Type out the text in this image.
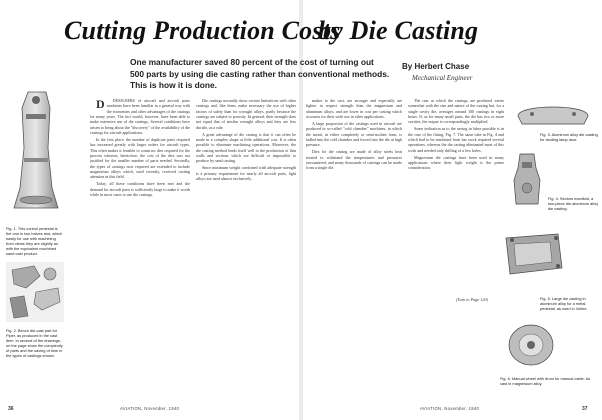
Cutting Production Costs
by Die Casting
One manufacturer saved 80 percent of the cost of turning out 500 parts by using die casting rather than conventional methods. This is how it is done.
By Herbert Chase
Mechanical Engineer
Fig. 1. This control pedestal is the one in two halves and, which easily for use with machining from views they are slightly as with the equivalent machined sand cast product.
Fig. 2. Bench die-cast part for Piper, as produced in the cast item. In several of the drawings, on the page show the complexity of parts and the saving of time in the types of castings shown.

D DESIGNERS of aircraft and aircraft parts machines have been familiar in a general way with the economies and other advantages of die castings for many years. The fact would, however, have been able to make extensive use of die castings. Several conditions have arisen to bring about the "discovery" of the availability of die castings for aircraft applications.

In the first place, the number of duplicate parts required has increased greatly with larger orders for aircraft types. This often makes it feasible to construct dies required for the process whereas, heretofore, the cost of the dies was not justified for the smaller number of parts needed. Secondly, the types of castings now required are extended to include magnesium alloys which, until recently, received casting attention in this field.

Today, all these conditions have been met and the demand for aircraft parts is sufficiently large to make it worth while in most cases to use die castings.

Die castings normally show certain limitations with other castings and, like them, make necessary the use of higher factors of safety than for wrought alloys, partly because the castings are subject to porosity. In general, their strength does not equal that of similar wrought alloys and they are less ductile, as a rule.

A great advantage of die casting is that it can often be made in a complex shape at little additional cost. It is often possible to eliminate machining operations. Moreover, the die casting method lends itself well to the production of thin walls and sections which are difficult or impossible to produce by sand casting.

Since minimum weight combined with adequate strength is a primary requirement for nearly all aircraft parts, light alloys are used almost exclusively.

makes to die cast, are stronger and especially are lighter in respect strength than the magnesium and aluminum alloys, and are lower in cost per casting which accounts for their wide use in other applications.

A large proportion of die castings used in aircraft are produced in so-called "cold chamber" machines, in which the metal, in either completely or semi-molten form, is ladled into the cold chamber and forced into the die at high pressure.

Dies for die casting are made of alloy steels heat treated to withstand the temperatures and pressures encountered, and many thousands of castings can be made from a single die.

The rear at which the castings are produced varies somewhat with the size and nature of the casting but, for a single cavity die, averages around 100 castings in eight hours. If, as for many small parts, the die has two or more cavities, the output is correspondingly multiplied.

Some indication as to the saving in labor possible is in the case of the fitting, Fig. 7. The same tube in Fig. 4 and which had to be machined from bar stock required several operations, whereas the die casting eliminated most of this work and needed only drilling of a few holes.

Magnesium die castings have been used in many applications where their light weight is the prime consideration.

(Turn to Page 120)
Fig. 3. Aluminum alloy die casting for landing lamp door.
Fig. 4. Sectors manifold, a two-piece die-aluminum alloy die casting.
Fig. 5. Large die casting in aluminum alloy for a metal pedestal, as used in Vultee.
Fig. 6. Manual wheel with drum for manual cable. As cast in magnesium alloy.
36	AVIATION, November, 1940	AVIATION, November, 1940	37
